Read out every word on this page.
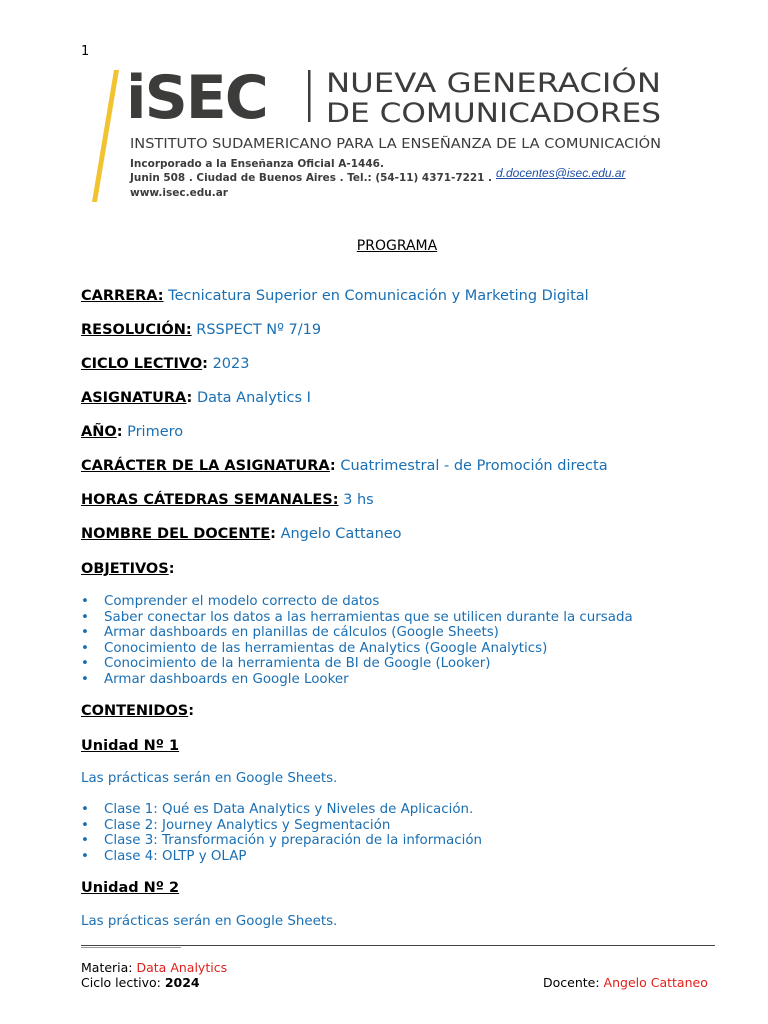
1
iSEC NUEVA GENERACIÓN
DE COMUNICADORES
INSTITUTO SUDAMERICANO PARA LA ENSEÑANZA DE LA COMUNICACIÓN
Incorporado a la Enseñanza Oficial A-1446.
Junin 508 . Ciudad de Buenos Aires . Tel.: (54-11) 4371-7221 .
www.isec.edu.ar
d.docentes@isec.edu.ar
PROGRAMA
CARRERA: Tecnicatura Superior en Comunicación y Marketing Digital
RESOLUCIÓN: RSSPECT Nº 7/19
CICLO LECTIVO: 2023
ASIGNATURA: Data Analytics I
AÑO: Primero
CARÁCTER DE LA ASIGNATURA: Cuatrimestral - de Promoción directa
HORAS CÁTEDRAS SEMANALES: 3 hs
NOMBRE DEL DOCENTE: Angelo Cattaneo
OBJETIVOS:
• Comprender el modelo correcto de datos
• Saber conectar los datos a las herramientas que se utilicen durante la cursada
• Armar dashboards en planillas de cálculos (Google Sheets)
• Conocimiento de las herramientas de Analytics (Google Analytics)
• Conocimiento de la herramienta de BI de Google (Looker)
• Armar dashboards en Google Looker
CONTENIDOS:
Unidad Nº 1
Las prácticas serán en Google Sheets.
• Clase 1: Qué es Data Analytics y Niveles de Aplicación.
• Clase 2: Journey Analytics y Segmentación
• Clase 3: Transformación y preparación de la información
• Clase 4: OLTP y OLAP
Unidad Nº 2
Las prácticas serán en Google Sheets.
Materia: Data Analytics
Ciclo lectivo: 2024	Docente: Angelo Cattaneo
